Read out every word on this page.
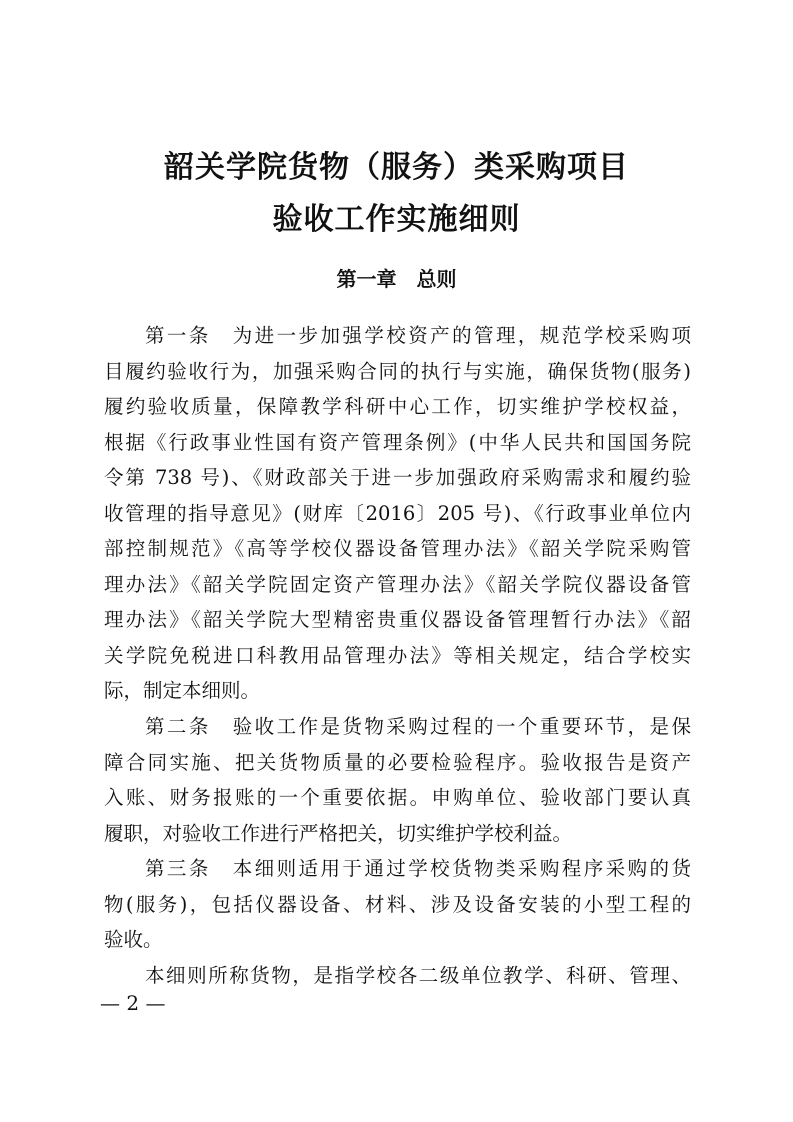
韶关学院货物（服务）类采购项目
验收工作实施细则
第一章　总则
第一条　为进一步加强学校资产的管理，规范学校采购项
目履约验收行为，加强采购合同的执行与实施，确保货物(服务)
履约验收质量，保障教学科研中心工作，切实维护学校权益，
根据《行政事业性国有资产管理条例》(中华人民共和国国务院
令第 738 号)、《财政部关于进一步加强政府采购需求和履约验
收管理的指导意见》(财库〔2016〕205 号)、《行政事业单位内
部控制规范》《高等学校仪器设备管理办法》《韶关学院采购管
理办法》《韶关学院固定资产管理办法》《韶关学院仪器设备管
理办法》《韶关学院大型精密贵重仪器设备管理暂行办法》《韶
关学院免税进口科教用品管理办法》等相关规定，结合学校实
际，制定本细则。
第二条　验收工作是货物采购过程的一个重要环节，是保
障合同实施、把关货物质量的必要检验程序。验收报告是资产
入账、财务报账的一个重要依据。申购单位、验收部门要认真
履职，对验收工作进行严格把关，切实维护学校利益。
第三条　本细则适用于通过学校货物类采购程序采购的货
物(服务)，包括仪器设备、材料、涉及设备安装的小型工程的
验收。
本细则所称货物，是指学校各二级单位教学、科研、管理、
— 2 —
